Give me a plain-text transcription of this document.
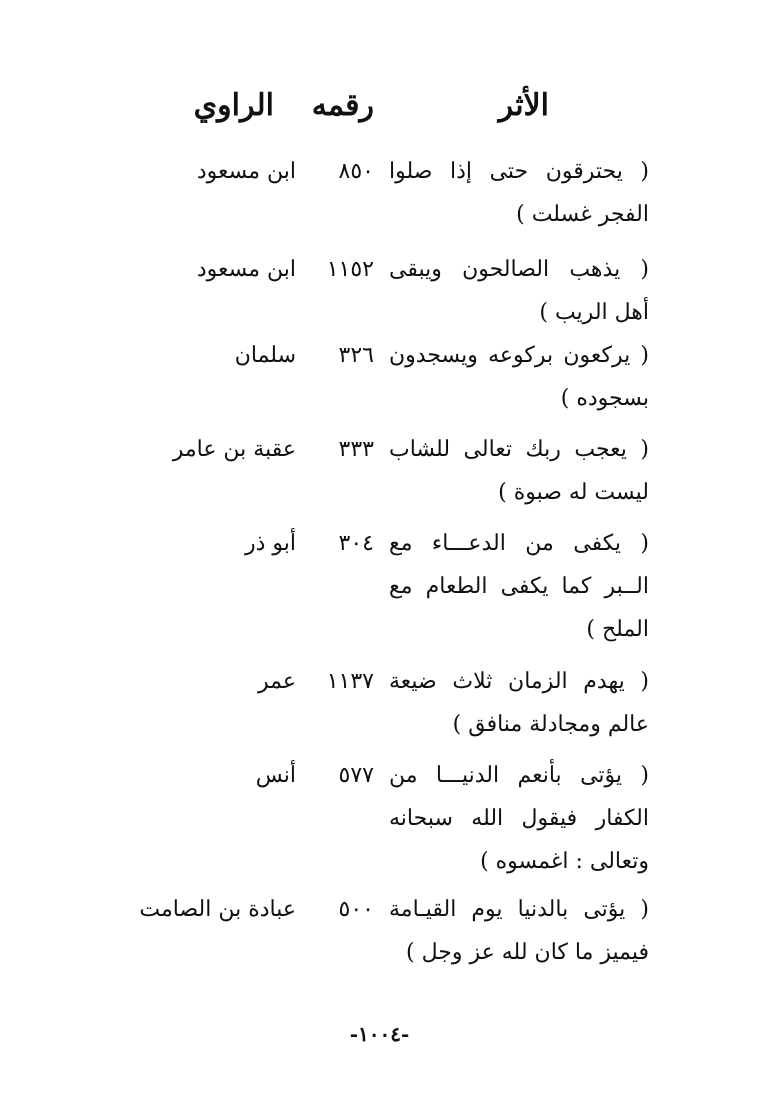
الأثر
رقمه
الراوي
( يحترقون حتى إذا صلوا الفجر غسلت )
٨٥٠
ابن مسعود
( يذهب الصالحون ويبقى أهل الريب )
١١٥٢
ابن مسعود
( يركعون بركوعه ويسجدون بسجوده )
٣٢٦
سلمان
( يعجب ربك تعالى للشاب ليست له صبوة )
٣٣٣
عقبة بن عامر
( يكفى من الدعـــاء مع الــبر كما يكفى الطعام مع الملح )
٣٠٤
أبو ذر
( يهدم الزمان ثلاث ضيعة عالم ومجادلة منافق )
١١٣٧
عمر
( يؤتى بأنعم الدنيـــا من الكفار فيقول الله سبحانه وتعالى : اغمسوه )
٥٧٧
أنس
( يؤتى بالدنيا يوم القيـامة فيميز ما كان لله عز وجل )
٥٠٠
عبادة بن الصامت
-١٠٠٤-
